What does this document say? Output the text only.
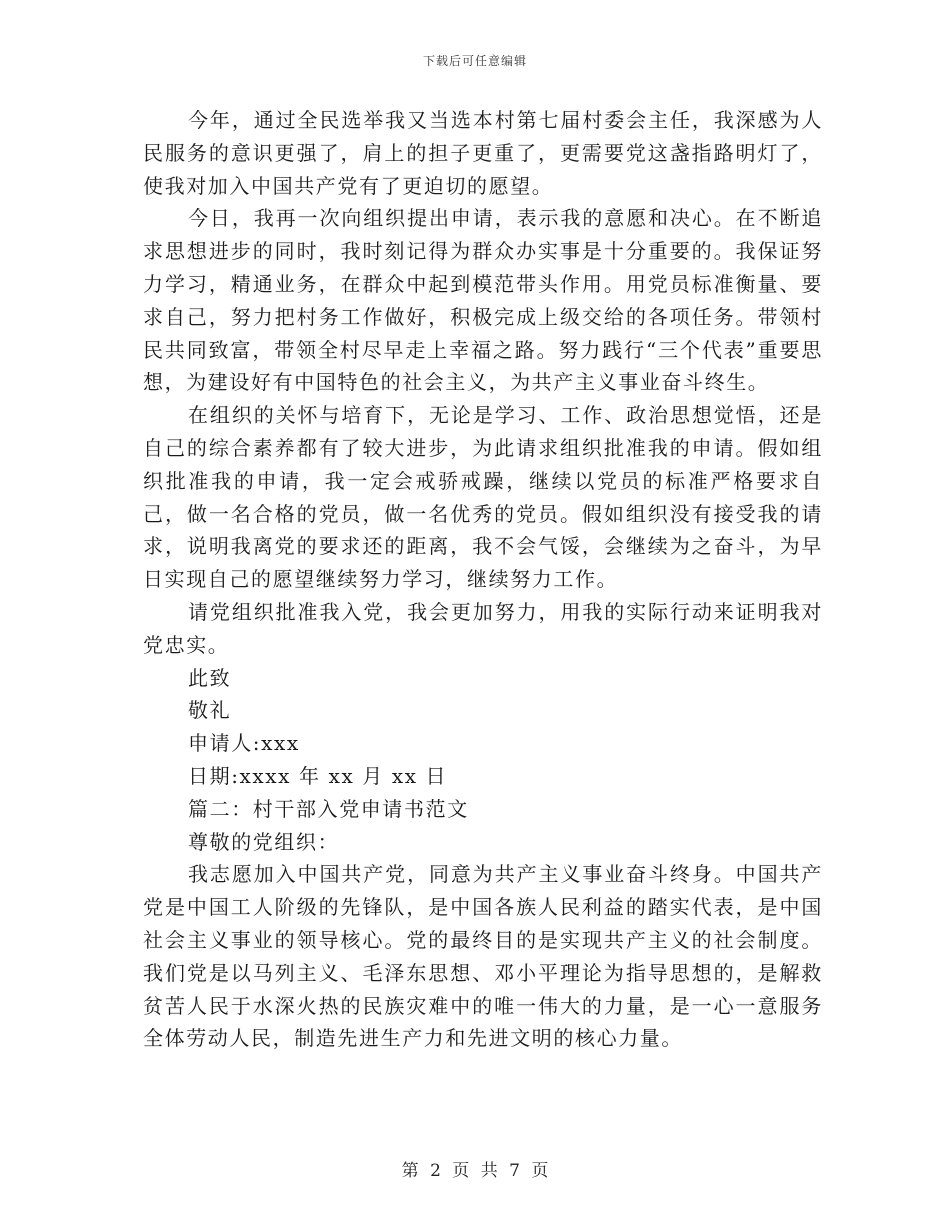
下载后可任意编辑

今年，通过全民选举我又当选本村第七届村委会主任，我深感为人民服务的意识更强了，肩上的担子更重了，更需要党这盏指路明灯了，使我对加入中国共产党有了更迫切的愿望。

今日，我再一次向组织提出申请，表示我的意愿和决心。在不断追求思想进步的同时，我时刻记得为群众办实事是十分重要的。我保证努力学习，精通业务，在群众中起到模范带头作用。用党员标准衡量、要求自己，努力把村务工作做好，积极完成上级交给的各项任务。带领村民共同致富，带领全村尽早走上幸福之路。努力践行“三个代表”重要思想，为建设好有中国特色的社会主义，为共产主义事业奋斗终生。

在组织的关怀与培育下，无论是学习、工作、政治思想觉悟，还是自己的综合素养都有了较大进步，为此请求组织批准我的申请。假如组织批准我的申请，我一定会戒骄戒躁，继续以党员的标准严格要求自己，做一名合格的党员，做一名优秀的党员。假如组织没有接受我的请求，说明我离党的要求还的距离，我不会气馁，会继续为之奋斗，为早日实现自己的愿望继续努力学习，继续努力工作。

请党组织批准我入党，我会更加努力，用我的实际行动来证明我对党忠实。

此致

敬礼

申请人:xxx

日期:xxxx 年 xx 月 xx 日

篇二：村干部入党申请书范文

尊敬的党组织：

我志愿加入中国共产党，同意为共产主义事业奋斗终身。中国共产党是中国工人阶级的先锋队，是中国各族人民利益的踏实代表，是中国社会主义事业的领导核心。党的最终目的是实现共产主义的社会制度。我们党是以马列主义、毛泽东思想、邓小平理论为指导思想的，是解救贫苦人民于水深火热的民族灾难中的唯一伟大的力量，是一心一意服务全体劳动人民，制造先进生产力和先进文明的核心力量。

第 2 页 共 7 页
